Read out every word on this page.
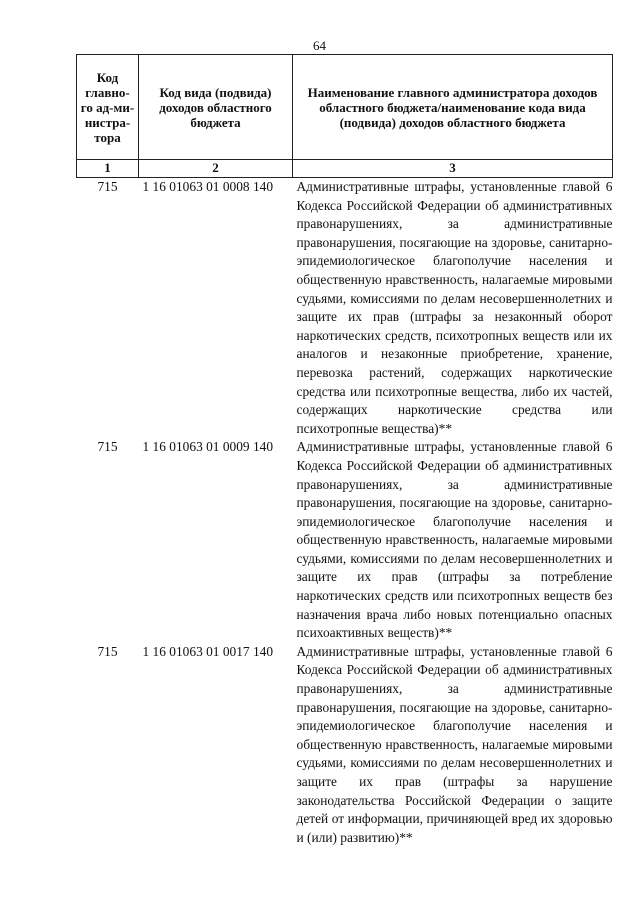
64
Код главно-го ад-ми-нистра-тора	Код вида (подвида) доходов областного бюджета	Наименование главного администратора доходов областного бюджета/наименование кода вида (подвида) доходов областного бюджета
1	2	3
715	1 16 01063 01 0008 140	Административные штрафы, установленные главой 6 Кодекса Российской Федерации об административных правонарушениях, за административные правонарушения, посягающие на здоровье, санитарно-эпидемиологическое благополучие населения и общественную нравственность, налагаемые мировыми судьями, комиссиями по делам несовершеннолетних и защите их прав (штрафы за незаконный оборот наркотических средств, психотропных веществ или их аналогов и незаконные приобретение, хранение, перевозка растений, содержащих наркотические средства или психотропные вещества, либо их частей, содержащих наркотические средства или психотропные вещества)**
715	1 16 01063 01 0009 140	Административные штрафы, установленные главой 6 Кодекса Российской Федерации об административных правонарушениях, за административные правонарушения, посягающие на здоровье, санитарно-эпидемиологическое благополучие населения и общественную нравственность, налагаемые мировыми судьями, комиссиями по делам несовершеннолетних и защите их прав (штрафы за потребление наркотических средств или психотропных веществ без назначения врача либо новых потенциально опасных психоактивных веществ)**
715	1 16 01063 01 0017 140	Административные штрафы, установленные главой 6 Кодекса Российской Федерации об административных правонарушениях, за административные правонарушения, посягающие на здоровье, санитарно-эпидемиологическое благополучие населения и общественную нравственность, налагаемые мировыми судьями, комиссиями по делам несовершеннолетних и защите их прав (штрафы за нарушение законодательства Российской Федерации о защите детей от информации, причиняющей вред их здоровью и (или) развитию)**
